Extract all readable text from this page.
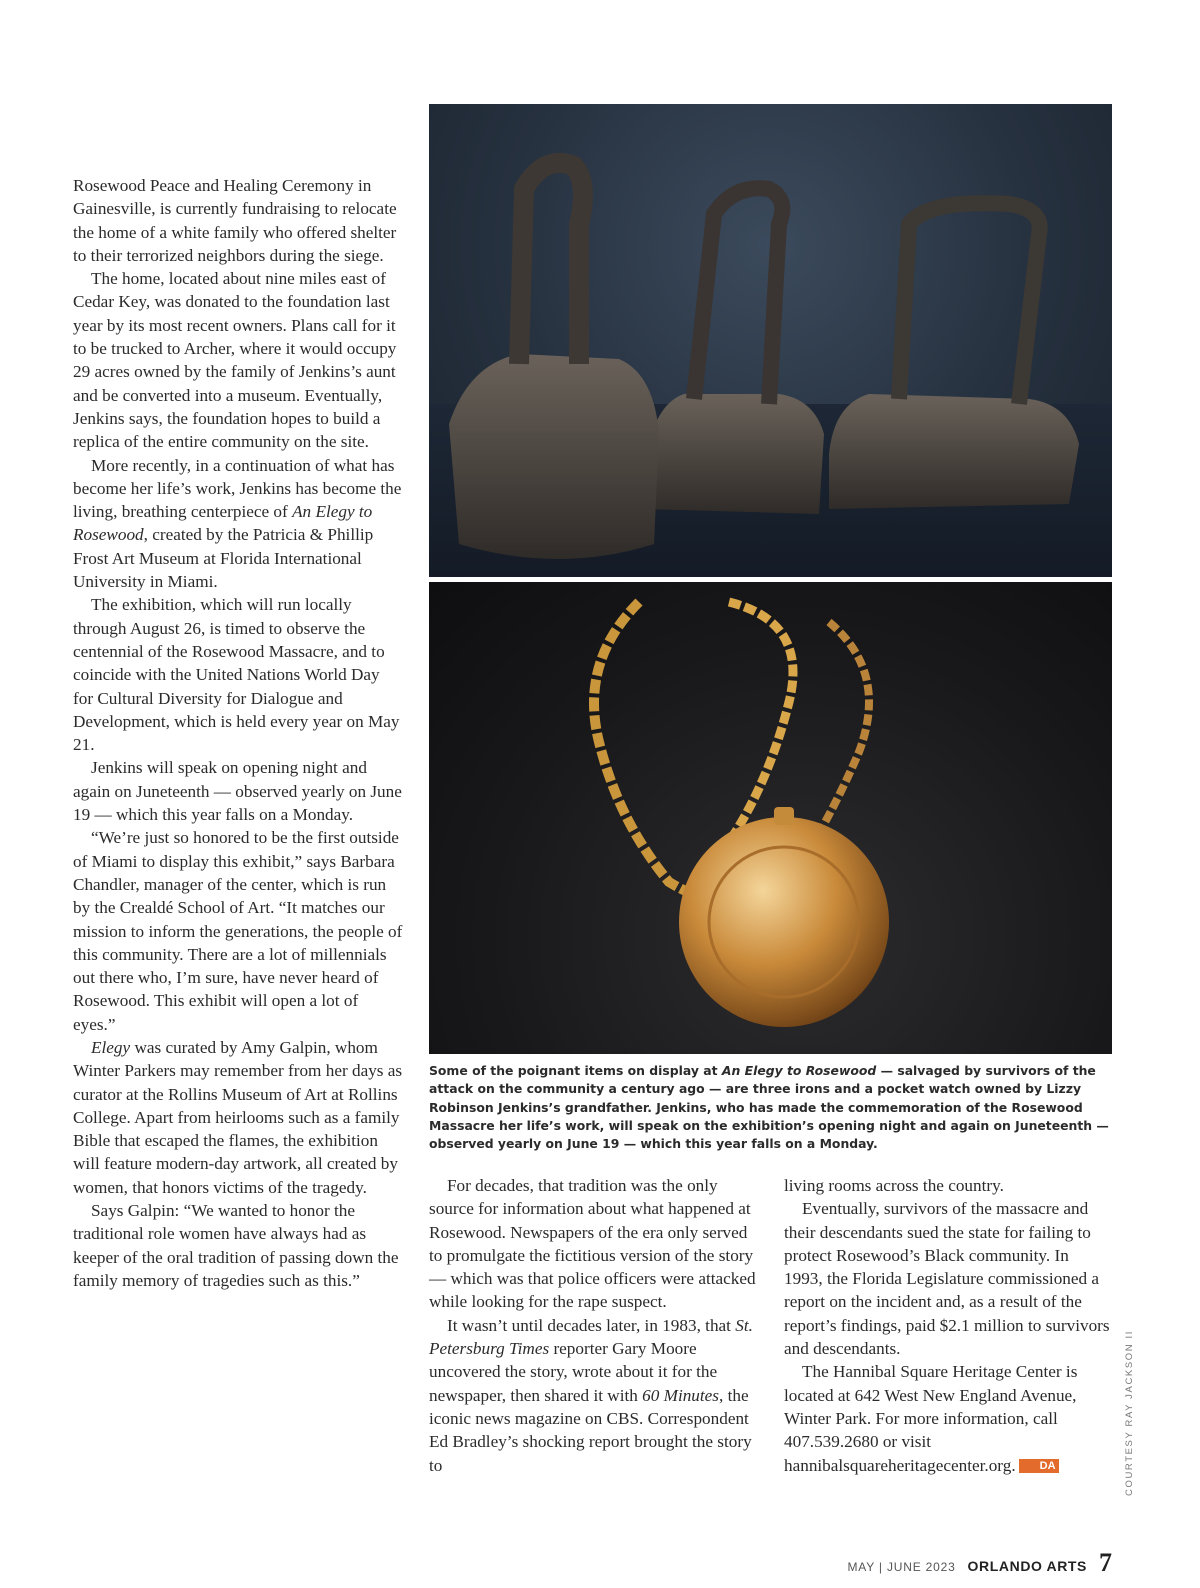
Rosewood Peace and Healing Ceremony in Gainesville, is currently fundraising to relocate the home of a white family who offered shelter to their terrorized neighbors during the siege.

The home, located about nine miles east of Cedar Key, was donated to the foundation last year by its most recent owners. Plans call for it to be trucked to Archer, where it would occupy 29 acres owned by the family of Jenkins’s aunt and be converted into a museum. Eventually, Jenkins says, the foundation hopes to build a replica of the entire community on the site.

More recently, in a continuation of what has become her life’s work, Jenkins has become the living, breathing centerpiece of An Elegy to Rosewood, created by the Patricia & Phillip Frost Art Museum at Florida International University in Miami.

The exhibition, which will run locally through August 26, is timed to observe the centennial of the Rosewood Massacre, and to coincide with the United Nations World Day for Cultural Diversity for Dialogue and Development, which is held every year on May 21.

Jenkins will speak on opening night and again on Juneteenth — observed yearly on June 19 — which this year falls on a Monday.

“We’re just so honored to be the first outside of Miami to display this exhibit,” says Barbara Chandler, manager of the center, which is run by the Crealdé School of Art. “It matches our mission to inform the generations, the people of this community. There are a lot of millennials out there who, I’m sure, have never heard of Rosewood. This exhibit will open a lot of eyes.”

Elegy was curated by Amy Galpin, whom Winter Parkers may remember from her days as curator at the Rollins Museum of Art at Rollins College. Apart from heirlooms such as a family Bible that escaped the flames, the exhibition will feature modern-day artwork, all created by women, that honors victims of the tragedy.

Says Galpin: “We wanted to honor the traditional role women have always had as keeper of the oral tradition of passing down the family memory of tragedies such as this.”

Some of the poignant items on display at An Elegy to Rosewood — salvaged by survivors of the attack on the community a century ago — are three irons and a pocket watch owned by Lizzy Robinson Jenkins’s grandfather. Jenkins, who has made the commemoration of the Rosewood Massacre her life’s work, will speak on the exhibition’s opening night and again on Juneteenth — observed yearly on June 19 — which this year falls on a Monday.

For decades, that tradition was the only source for information about what happened at Rosewood. Newspapers of the era only served to promulgate the fictitious version of the story — which was that police officers were attacked while looking for the rape suspect.

It wasn’t until decades later, in 1983, that St. Petersburg Times reporter Gary Moore uncovered the story, wrote about it for the newspaper, then shared it with 60 Minutes, the iconic news magazine on CBS. Correspondent Ed Bradley’s shocking report brought the story to

living rooms across the country.

Eventually, survivors of the massacre and their descendants sued the state for failing to protect Rosewood’s Black community. In 1993, the Florida Legislature commissioned a report on the incident and, as a result of the report’s findings, paid $2.1 million to survivors and descendants.

The Hannibal Square Heritage Center is located at 642 West New England Avenue, Winter Park. For more information, call 407.539.2680 or visit hannibalsquareheritagecenter.org. DA	COURTESY RAY JACKSON II
MAY | JUNE 2023 ORLANDO ARTS 7
